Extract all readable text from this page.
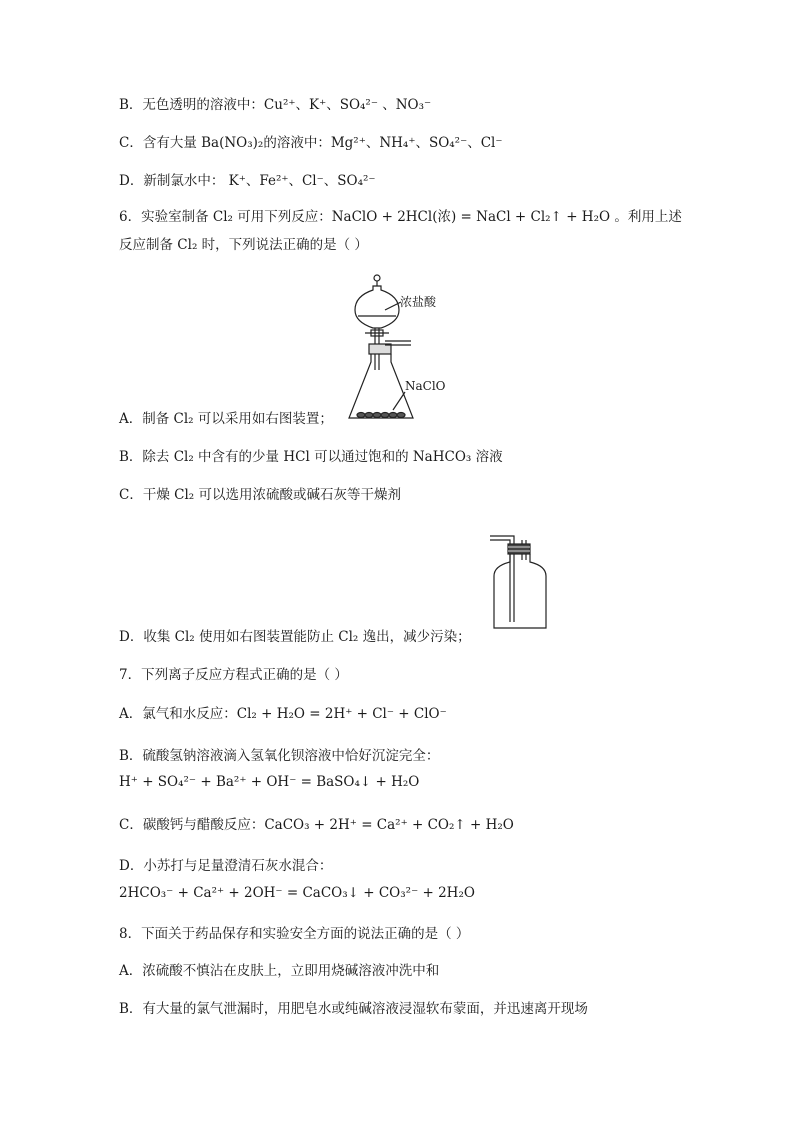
B．无色透明的溶液中：Cu²⁺、K⁺、SO₄²⁻ 、NO₃⁻
C．含有大量 Ba(NO₃)₂的溶液中：Mg²⁺、NH₄⁺、SO₄²⁻、Cl⁻
D．新制氯水中： K⁺、Fe²⁺、Cl⁻、SO₄²⁻
6．实验室制备 Cl₂ 可用下列反应：NaClO + 2HCl(浓) = NaCl + Cl₂↑ + H₂O 。利用上述
反应制备 Cl₂ 时，下列说法正确的是（ ）
浓盐酸
NaClO
A．制备 Cl₂ 可以采用如右图装置；
B．除去 Cl₂ 中含有的少量 HCl 可以通过饱和的 NaHCO₃ 溶液
C．干燥 Cl₂ 可以选用浓硫酸或碱石灰等干燥剂
D．收集 Cl₂ 使用如右图装置能防止 Cl₂ 逸出，减少污染；
7．下列离子反应方程式正确的是（ ）
A．氯气和水反应：Cl₂ + H₂O = 2H⁺ + Cl⁻ + ClO⁻
B．硫酸氢钠溶液滴入氢氧化钡溶液中恰好沉淀完全：
H⁺ + SO₄²⁻ + Ba²⁺ + OH⁻ = BaSO₄↓ + H₂O
C．碳酸钙与醋酸反应：CaCO₃ + 2H⁺ = Ca²⁺ + CO₂↑ + H₂O
D．小苏打与足量澄清石灰水混合：
2HCO₃⁻ + Ca²⁺ + 2OH⁻ = CaCO₃↓ + CO₃²⁻ + 2H₂O
8．下面关于药品保存和实验安全方面的说法正确的是（ ）
A．浓硫酸不慎沾在皮肤上，立即用烧碱溶液冲洗中和
B．有大量的氯气泄漏时，用肥皂水或纯碱溶液浸湿软布蒙面，并迅速离开现场
